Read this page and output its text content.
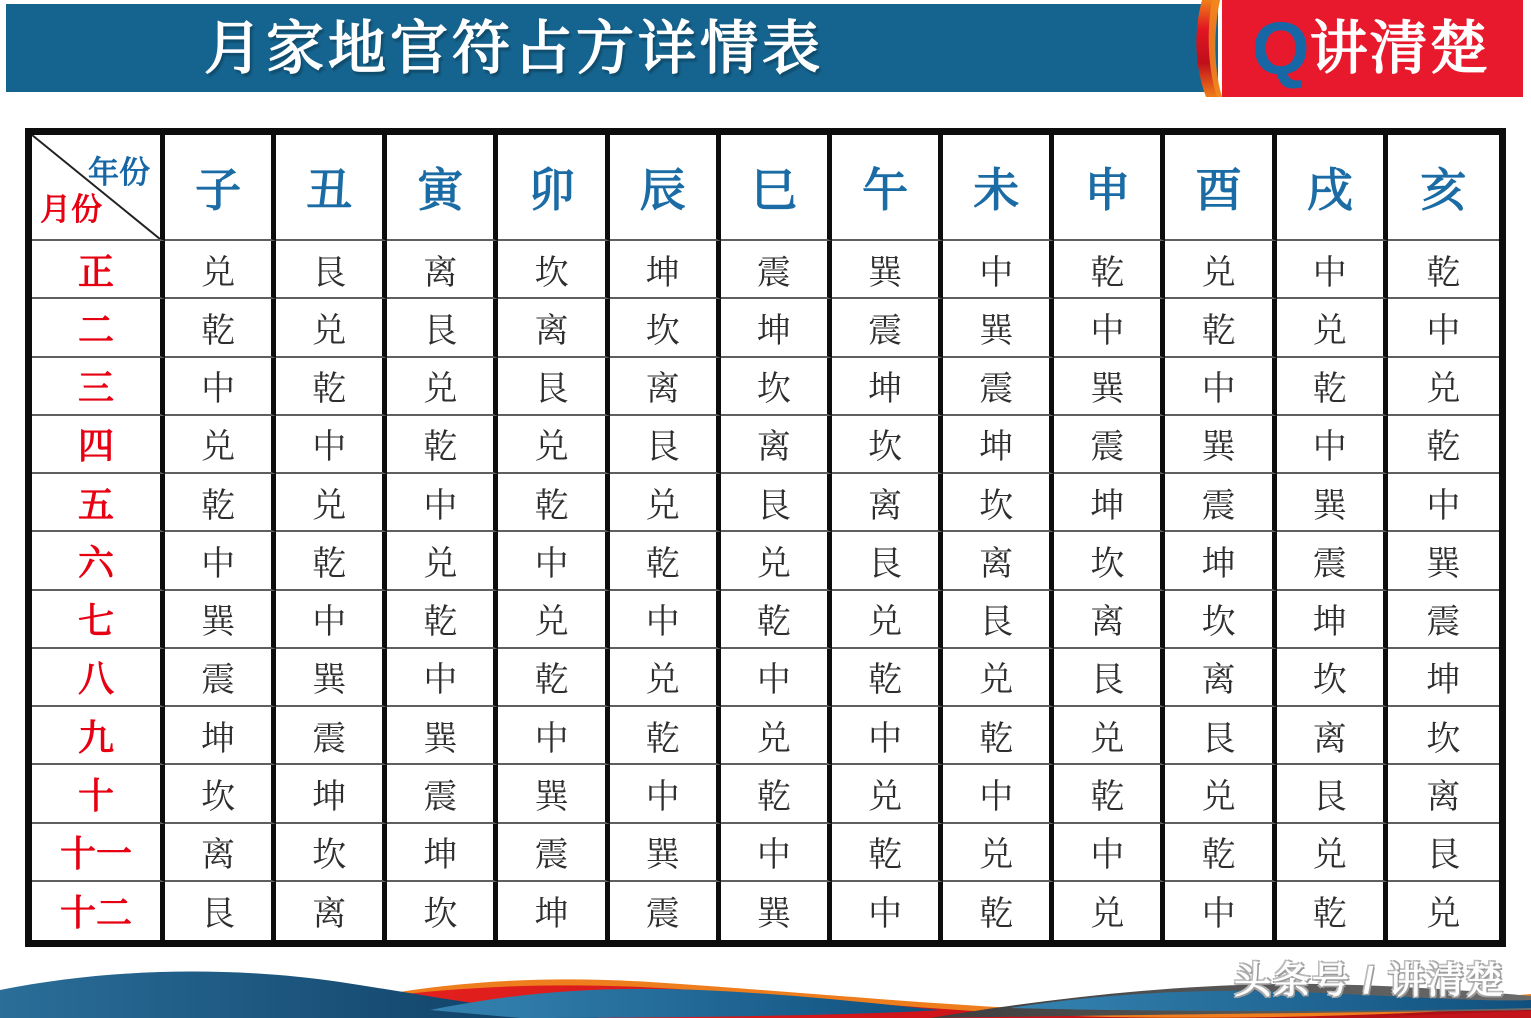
月家地官符占方详情表	Q 讲清楚
年份
月份	子	丑	寅	卯	辰	巳	午	未	申	酉	戌	亥
正	兑	艮	离	坎	坤	震	巽	中	乾	兑	中	乾
二	乾	兑	艮	离	坎	坤	震	巽	中	乾	兑	中
三	中	乾	兑	艮	离	坎	坤	震	巽	中	乾	兑
四	兑	中	乾	兑	艮	离	坎	坤	震	巽	中	乾
五	乾	兑	中	乾	兑	艮	离	坎	坤	震	巽	中
六	中	乾	兑	中	乾	兑	艮	离	坎	坤	震	巽
七	巽	中	乾	兑	中	乾	兑	艮	离	坎	坤	震
八	震	巽	中	乾	兑	中	乾	兑	艮	离	坎	坤
九	坤	震	巽	中	乾	兑	中	乾	兑	艮	离	坎
十	坎	坤	震	巽	中	乾	兑	中	乾	兑	艮	离
十一	离	坎	坤	震	巽	中	乾	兑	中	乾	兑	艮
十二	艮	离	坎	坤	震	巽	中	乾	兑	中	乾	兑
头条号 / 讲清楚
